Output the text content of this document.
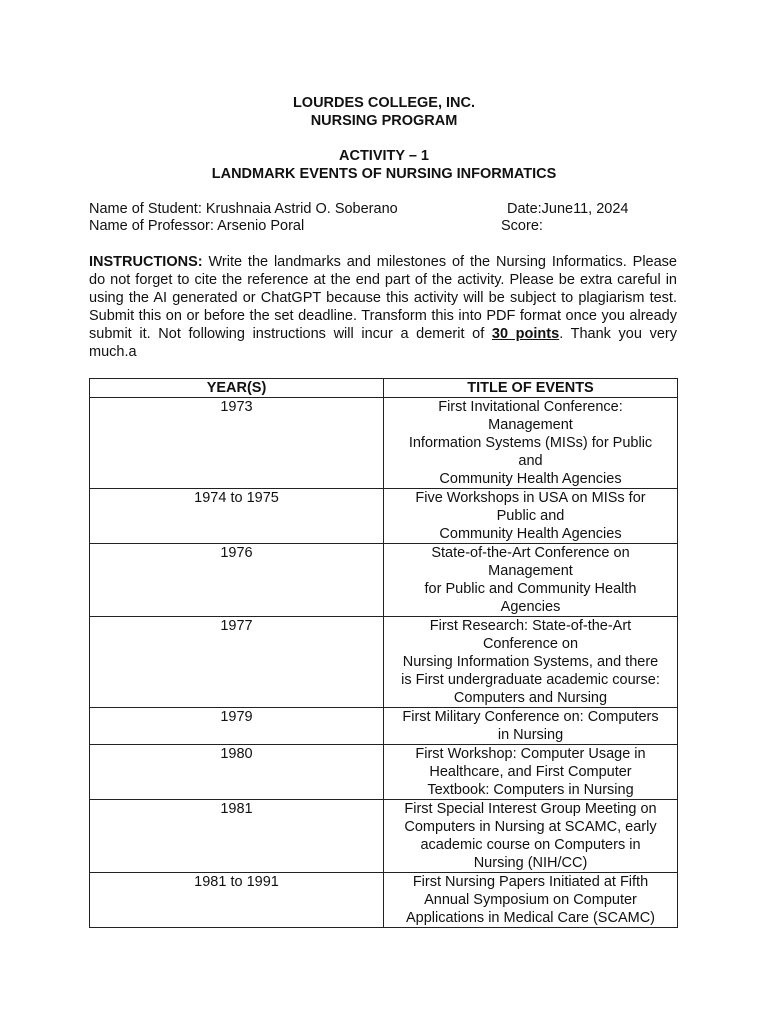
LOURDES COLLEGE, INC.
NURSING PROGRAM
ACTIVITY – 1
LANDMARK EVENTS OF NURSING INFORMATICS
Name of Student: Krushnaia Astrid O. Soberano	Date:June11, 2024
Name of Professor: Arsenio Poral	Score:
INSTRUCTIONS: Write the landmarks and milestones of the Nursing Informatics. Please do not forget to cite the reference at the end part of the activity. Please be extra careful in using the AI generated or ChatGPT because this activity will be subject to plagiarism test. Submit this on or before the set deadline. Transform this into PDF format once you already submit it. Not following instructions will incur a demerit of 30 points. Thank you very much.a
YEAR(S)	TITLE OF EVENTS
1973	First Invitational Conference:
Management
Information Systems (MISs) for Public
and
Community Health Agencies

1974 to 1975	Five Workshops in USA on MISs for
Public and
Community Health Agencies

1976	State-of-the-Art Conference on
Management
for Public and Community Health
Agencies

1977	First Research: State-of-the-Art
Conference on
Nursing Information Systems, and there
is First undergraduate academic course:
Computers and Nursing

1979	First Military Conference on: Computers
in Nursing

1980	First Workshop: Computer Usage in
Healthcare, and First Computer
Textbook: Computers in Nursing

1981	First Special Interest Group Meeting on
Computers in Nursing at SCAMC, early
academic course on Computers in
Nursing (NIH/CC)

1981 to 1991	First Nursing Papers Initiated at Fifth
Annual Symposium on Computer
Applications in Medical Care (SCAMC)
